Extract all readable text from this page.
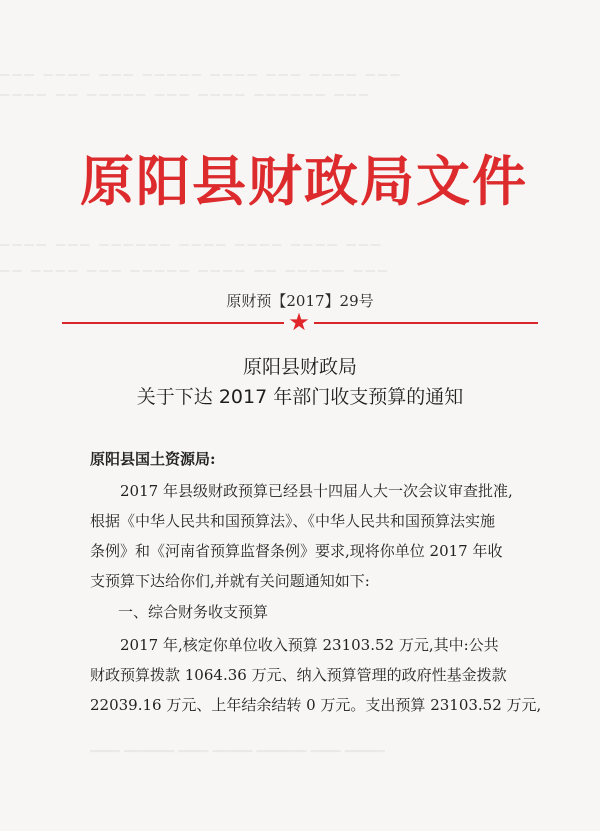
▁▁▁ ▁▁▁▁ ▁▁▁ ▁▁▁▁▁ ▁▁▁▁ ▁▁▁ ▁▁▁▁ ▁▁▁
▁▁▁▁ ▁▁ ▁▁▁▁▁ ▁▁▁ ▁▁▁▁ ▁▁▁▁▁▁ ▁▁▁
▁▁▁▁ ▁▁▁ ▁▁▁▁▁▁ ▁▁▁▁ ▁▁▁▁ ▁▁▁▁ ▁▁▁
▁▁ ▁▁▁▁ ▁▁▁ ▁▁▁▁▁ ▁▁▁▁ ▁▁ ▁▁▁▁▁ ▁▁▁
原阳县财政局文件
原财预【2017】29号
★
原阳县财政局
关于下达 2017 年部门收支预算的通知
原阳县国土资源局:
2017 年县级财政预算已经县十四届人大一次会议审查批准,
根据《中华人民共和国预算法》、《中华人民共和国预算法实施
条例》和《河南省预算监督条例》要求,现将你单位 2017 年收
支预算下达给你们,并就有关问题通知如下:
一、综合财务收支预算
2017 年,核定你单位收入预算 23103.52 万元,其中:公共
财政预算拨款 1064.36 万元、纳入预算管理的政府性基金拨款
22039.16 万元、上年结余结转 0 万元。支出预算 23103.52 万元,
▁▁▁ ▁▁▁▁▁ ▁▁▁ ▁▁▁▁ ▁▁▁▁▁ ▁▁▁ ▁▁▁▁
